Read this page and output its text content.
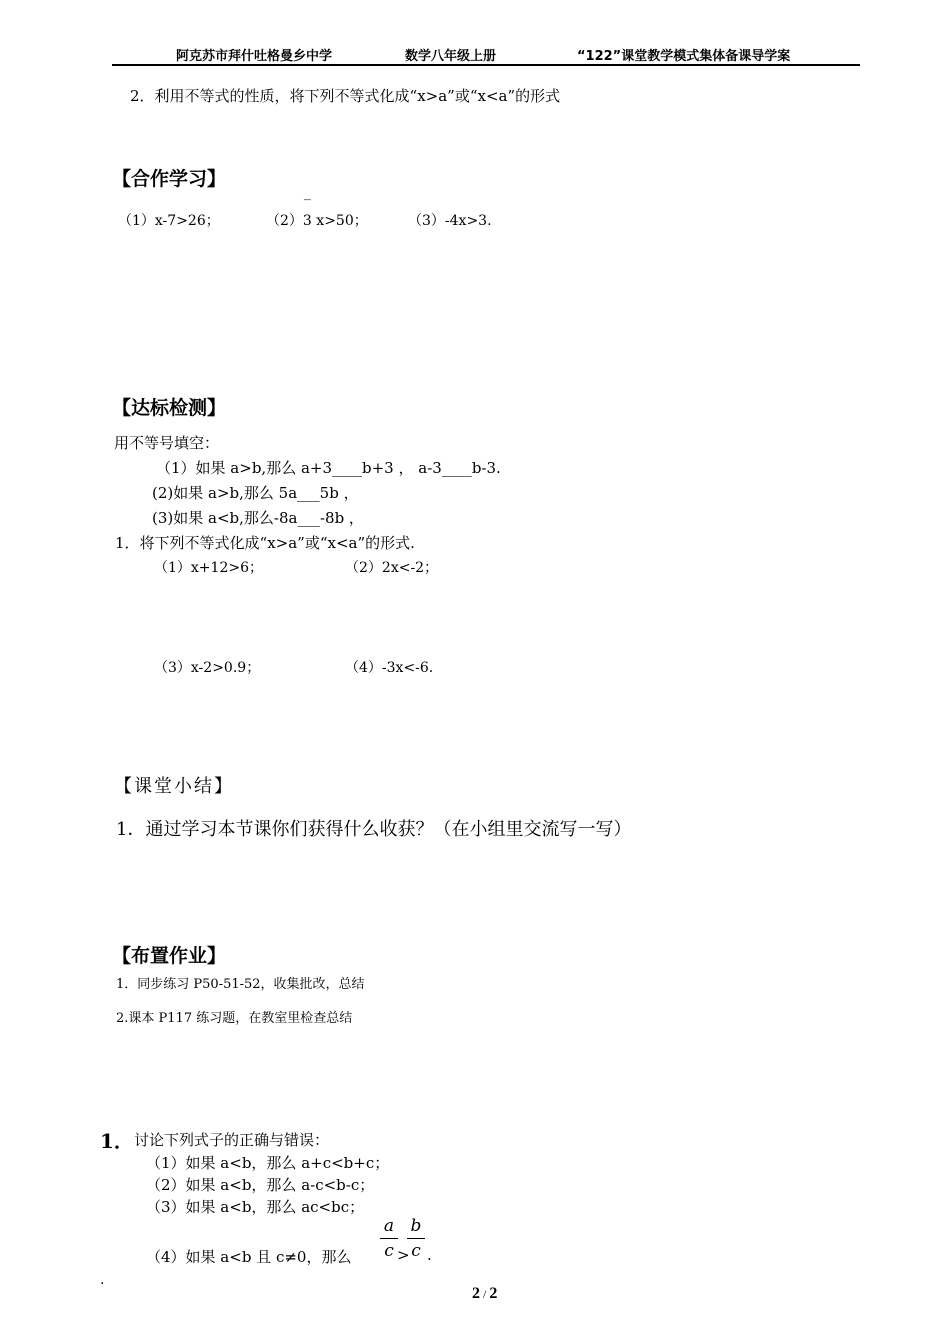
阿克苏市拜什吐格曼乡中学	数学八年级上册	“122”课堂教学模式集体备课导学案
2．利用不等式的性质，将下列不等式化成“x>a”或“x<a”的形式
【合作学习】
（1）x-7>26；	（2）
‾
3 x>50；	（3）-4x>3.
【达标检测】
用不等号填空：
（1）如果 a>b,那么 a+3____b+3 ， a-3____b-3.
(2)如果 a>b,那么 5a___5b ，
(3)如果 a<b,那么-8a___-8b ，
1．将下列不等式化成“x>a”或“x<a”的形式.
（1）x+12>6；	（2）2x<-2；
（3）x-2>0.9；	（4）-3x<-6.
【课堂小结】
1．通过学习本节课你们获得什么收获？（在小组里交流写一写）
【布置作业】
1．同步练习 P50-51-52，收集批改，总结
2.课本 P117 练习题，在教室里检查总结
1． 讨论下列式子的正确与错误：
（1）如果 a<b，那么 a+c<b+c；
（2）如果 a<b，那么 a-c<b-c；
（3）如果 a<b，那么 ac<bc；
（4）如果 a<b 且 c≠0，那么
a
c >
b
c .
.
2 / 2
